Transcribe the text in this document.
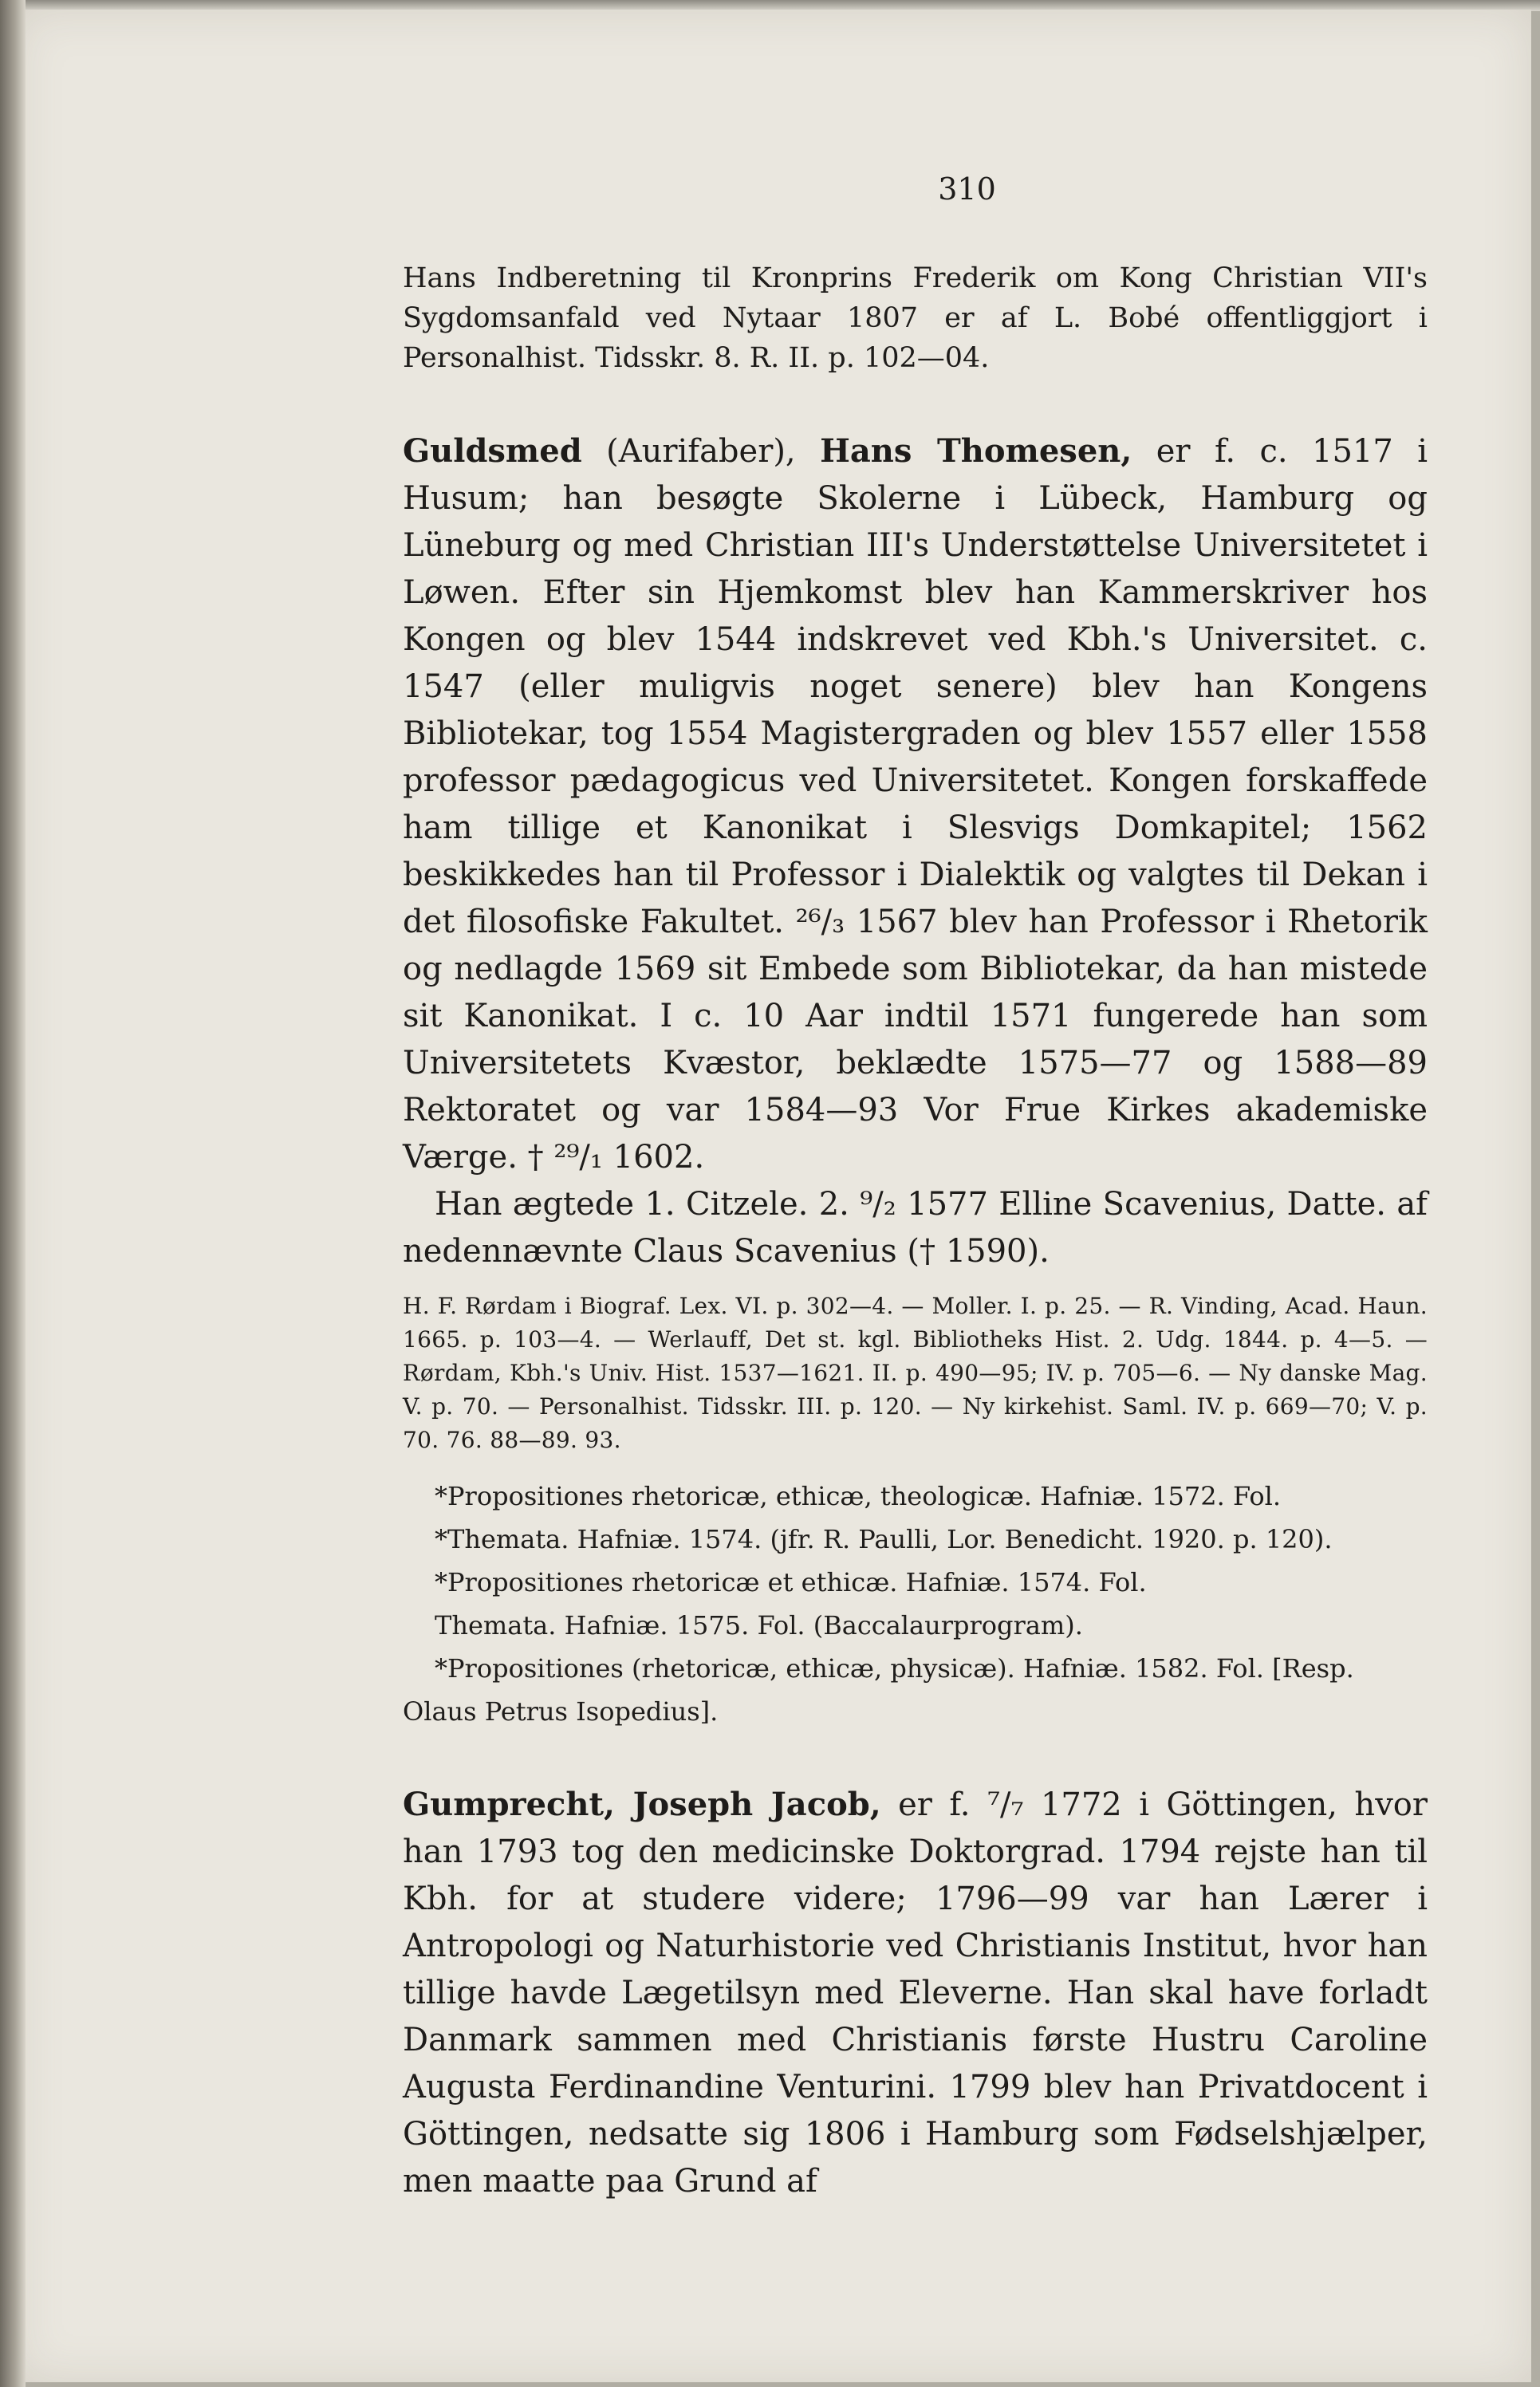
310

Hans Indberetning til Kronprins Frederik om Kong Christian VII's Sygdomsanfald ved Nytaar 1807 er af L. Bobé offentliggjort i Personalhist. Tidsskr. 8. R. II. p. 102—04.

Guldsmed (Aurifaber), Hans Thomesen, er f. c. 1517 i Husum; han besøgte Skolerne i Lübeck, Hamburg og Lüneburg og med Christian III's Understøttelse Universitetet i Løwen. Efter sin Hjemkomst blev han Kammerskriver hos Kongen og blev 1544 indskrevet ved Kbh.'s Universitet. c. 1547 (eller muligvis noget senere) blev han Kongens Bibliotekar, tog 1554 Magistergraden og blev 1557 eller 1558 professor pædagogicus ved Universitetet. Kongen forskaffede ham tillige et Kanonikat i Slesvigs Domkapitel; 1562 beskikkedes han til Professor i Dialektik og valgtes til Dekan i det filosofiske Fakultet. ²⁶/₃ 1567 blev han Professor i Rhetorik og nedlagde 1569 sit Embede som Bibliotekar, da han mistede sit Kanonikat. I c. 10 Aar indtil 1571 fungerede han som Universitetets Kvæstor, beklædte 1575—77 og 1588—89 Rektoratet og var 1584—93 Vor Frue Kirkes akademiske Værge. † ²⁹/₁ 1602.

Han ægtede 1. Citzele. 2. ⁹/₂ 1577 Elline Scavenius, Datte. af nedennævnte Claus Scavenius († 1590).

H. F. Rørdam i Biograf. Lex. VI. p. 302—4. — Moller. I. p. 25. — R. Vinding, Acad. Haun. 1665. p. 103—4. — Werlauff, Det st. kgl. Bibliotheks Hist. 2. Udg. 1844. p. 4—5. — Rørdam, Kbh.'s Univ. Hist. 1537—1621. II. p. 490—95; IV. p. 705—6. — Ny danske Mag. V. p. 70. — Personalhist. Tidsskr. III. p. 120. — Ny kirkehist. Saml. IV. p. 669—70; V. p. 70. 76. 88—89. 93.

*Propositiones rhetoricæ, ethicæ, theologicæ. Hafniæ. 1572. Fol.

*Themata. Hafniæ. 1574. (jfr. R. Paulli, Lor. Benedicht. 1920. p. 120).

*Propositiones rhetoricæ et ethicæ. Hafniæ. 1574. Fol.

Themata. Hafniæ. 1575. Fol. (Baccalaurprogram).

*Propositiones (rhetoricæ, ethicæ, physicæ). Hafniæ. 1582. Fol. [Resp. Olaus Petrus Isopedius].

Gumprecht, Joseph Jacob, er f. ⁷/₇ 1772 i Göttingen, hvor han 1793 tog den medicinske Doktorgrad. 1794 rejste han til Kbh. for at studere videre; 1796—99 var han Lærer i Antropologi og Naturhistorie ved Christianis Institut, hvor han tillige havde Lægetilsyn med Eleverne. Han skal have forladt Danmark sammen med Christianis første Hustru Caroline Augusta Ferdinandine Venturini. 1799 blev han Privatdocent i Göttingen, nedsatte sig 1806 i Hamburg som Fødselshjælper, men maatte paa Grund af
